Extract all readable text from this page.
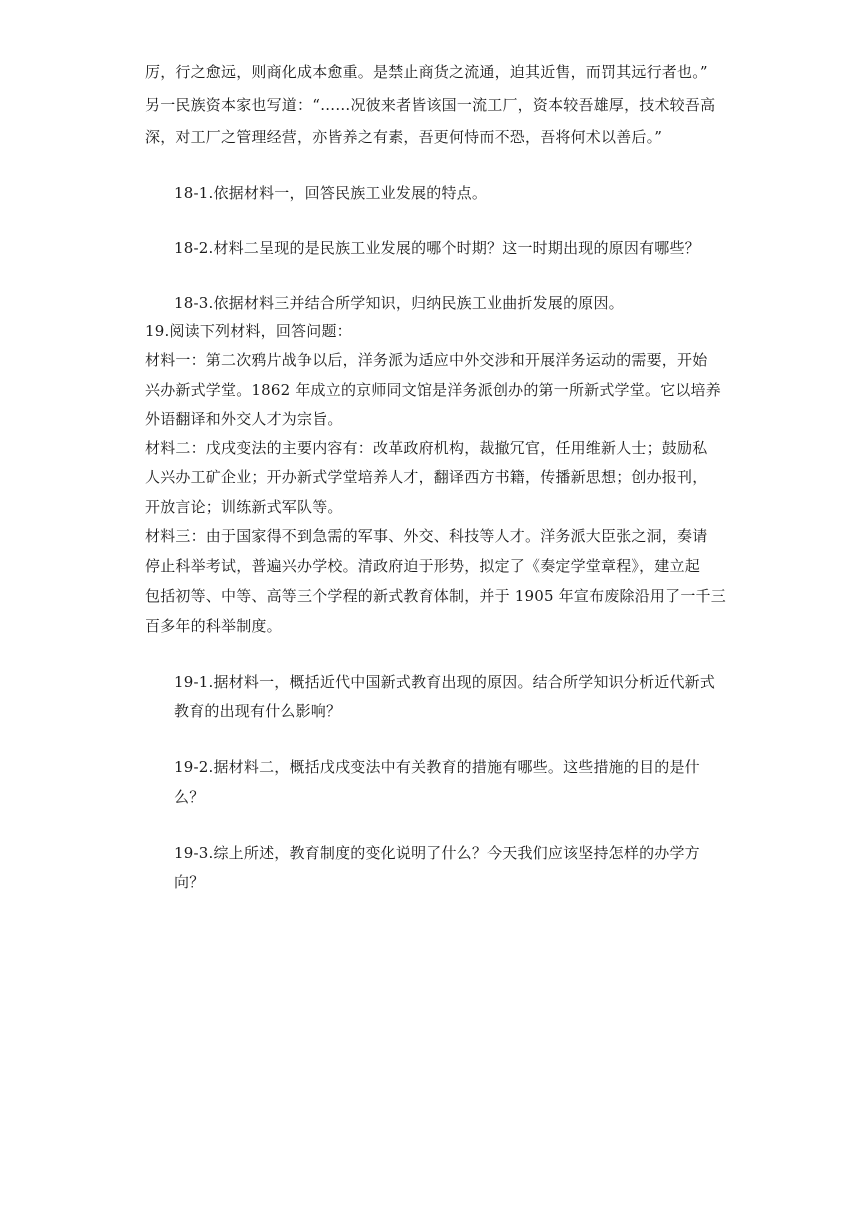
厉，行之愈远，则商化成本愈重。是禁止商货之流通，迫其近售，而罚其远行者也。”
另一民族资本家也写道：“……况彼来者皆该国一流工厂，资本较吾雄厚，技术较吾高
深，对工厂之管理经营，亦皆养之有素，吾更何恃而不恐，吾将何术以善后。”
18-1.依据材料一，回答民族工业发展的特点。
18-2.材料二呈现的是民族工业发展的哪个时期？这一时期出现的原因有哪些？
18-3.依据材料三并结合所学知识，归纳民族工业曲折发展的原因。
19.阅读下列材料，回答问题：
材料一：第二次鸦片战争以后，洋务派为适应中外交涉和开展洋务运动的需要，开始
兴办新式学堂。1862 年成立的京师同文馆是洋务派创办的第一所新式学堂。它以培养
外语翻译和外交人才为宗旨。
材料二：戊戌变法的主要内容有：改革政府机构，裁撤冗官，任用维新人士；鼓励私
人兴办工矿企业；开办新式学堂培养人才，翻译西方书籍，传播新思想；创办报刊，
开放言论；训练新式军队等。
材料三：由于国家得不到急需的军事、外交、科技等人才。洋务派大臣张之洞，奏请
停止科举考试，普遍兴办学校。清政府迫于形势，拟定了《奏定学堂章程》，建立起
包括初等、中等、高等三个学程的新式教育体制，并于 1905 年宣布废除沿用了一千三
百多年的科举制度。
19-1.据材料一，概括近代中国新式教育出现的原因。结合所学知识分析近代新式
教育的出现有什么影响？
19-2.据材料二，概括戊戌变法中有关教育的措施有哪些。这些措施的目的是什
么？
19-3.综上所述，教育制度的变化说明了什么？今天我们应该坚持怎样的办学方
向？
